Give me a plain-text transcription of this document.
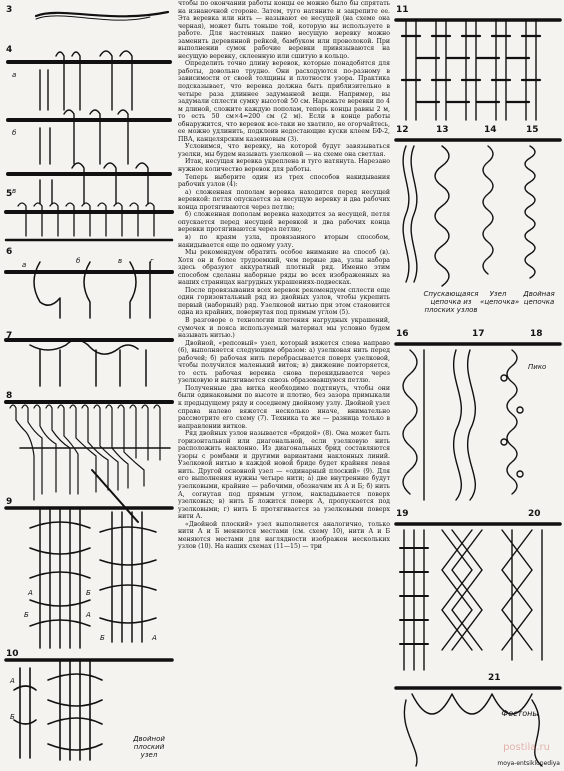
3
4
а
б
в
5
6
а	б	в	г
7
8
9
А	Б
Б	А
Б	А
А
Б
10
Двойной плоский узел

чтобы по окончании работы концы ее можно было бы спрятать на изнаночной стороне. Затем, туго натяните и закрепите ее. Эта веревка или нить — называют ее несущей (на схеме она черная), может быть тоньше той, которую вы используете в работе. Для настенных панно несущую веревку можно заменить деревянной рейкой, бамбуком или проволокой. При выполнении сумок рабочие веревки привязываются на несущую веревку, склеенную или сшитую в кольцо.

Определить точно длину веревок, которые понадобятся для работы, довольно трудно. Они расходуются по-разному в зависимости от своей толщины и плотности узора. Практика подсказывает, что веревка должна быть приблизительно в четыре раза длиннее задуманной вещи. Например, вы задумали сплести сумку высотой 50 см. Нарежьте веревки по 4 м длиной, сложите каждую пополам, теперь концы равны 2 м, то есть 50 см×4=200 см (2 м). Если в конце работы обнаружится, что веревок все-таки не хватило, не огорчайтесь, ее можно удлинить, подклеив недостающие куски клеем БФ-2, ПВА, канцелярским казеиновым (3).

Условимся, что веревку, на которой будут завязываться узелки, мы будем называть узелковой — на схеме она светлая.

Итак, несущая веревка укреплена и туго натянута. Нарезано нужное количество веревок для работы.

Теперь выберите один из трех способов накидывания рабочих узлов (4):

а) сложенная пополам веревка находится перед несущей веревкой: петля опускается за несущую веревку и два рабочих конца протягиваются через петлю;

б) сложенная пополам веревка находится за несущей, петля опускается перед несущей веревкой и два рабочих конца веревки протягиваются через петлю;

в) по краям узла, провязанного вторым способом, накидывается еще по одному узлу.

Мы рекомендуем обратить особое внимание на способ (в). Хотя он и более трудоемкий, чем первые два, узлы набора здесь образуют аккуратный плотный ряд. Именно этим способом сделаны наборные ряды во всех изображенных на наших страницах нагрудных украшениях-подвесках.

После провязывания всех веревок рекомендуем сплести еще один горизонтальный ряд из двойных узлов, чтобы укрепить первый (наборный) ряд. Узелковой нитью при этом становится одна из крайних, повернутая под прямым углом (5).

В разговоре о технологии плетения нагрудных украшений, сумочек и пояса используемый материал мы условно будем называть нитью.)

Двойной, «репсовый» узел, который вяжется слева направо (6), выполняется следующим образом: а) узелковая нить перед рабочей; б) рабочая нить перебрасывается поверх узелковой, чтобы получился маленький виток; в) движение повторяется, то есть рабочая веревка снова перекидывается через узелковую и вытягивается сквозь образовавшуюся петлю.

Полученные два витка необходимо подтянуть, чтобы они были одинаковыми по высоте и плотно, без зазора примыкали к предыдущему ряду и соседнему двойному узлу. Двойной узел справа налево вяжется несколько иначе, внимательно рассмотрите его схему (7). Техника та же — разница только в направлении витков.

Ряд двойных узлов называется «бридой» (8). Она может быть горизонтальной или диагональной, если узелковую нить расположить наклонно. Из диагональных брид составляются узоры с ромбами и другими вариантами наклонных линий. Узелковой нитью в каждой новой бриде будет крайняя левая нить. Другой основной узел — «одинарный плоский» (9). Для его выполнения нужны четыре нити; а) две внутренние будут узелковыми, крайние — рабочими, обозначим их А и Б; б) нить А, согнутая под прямым углом, накладывается поверх узелковых; в) нить Б ложится поверх А, пропускается под узелковыми; г) нить Б протягивается за узелковыми поверх нити А.

«Двойной плоский» узел выполняется аналогично, только нити А и Б меняются местами (см. схему 10), нити А и Б меняются местами для наглядности изображен нескольких узлов (10). На наших схемах (11—15) — три

11
12	13	14	15
Спускающаяся цепочка из плоских узлов
Узел «цепочка»
Двойная цепочка
16	17	18
Пико
19	20
21
Фестоны
postila.ru
moya-entsiklopediya
